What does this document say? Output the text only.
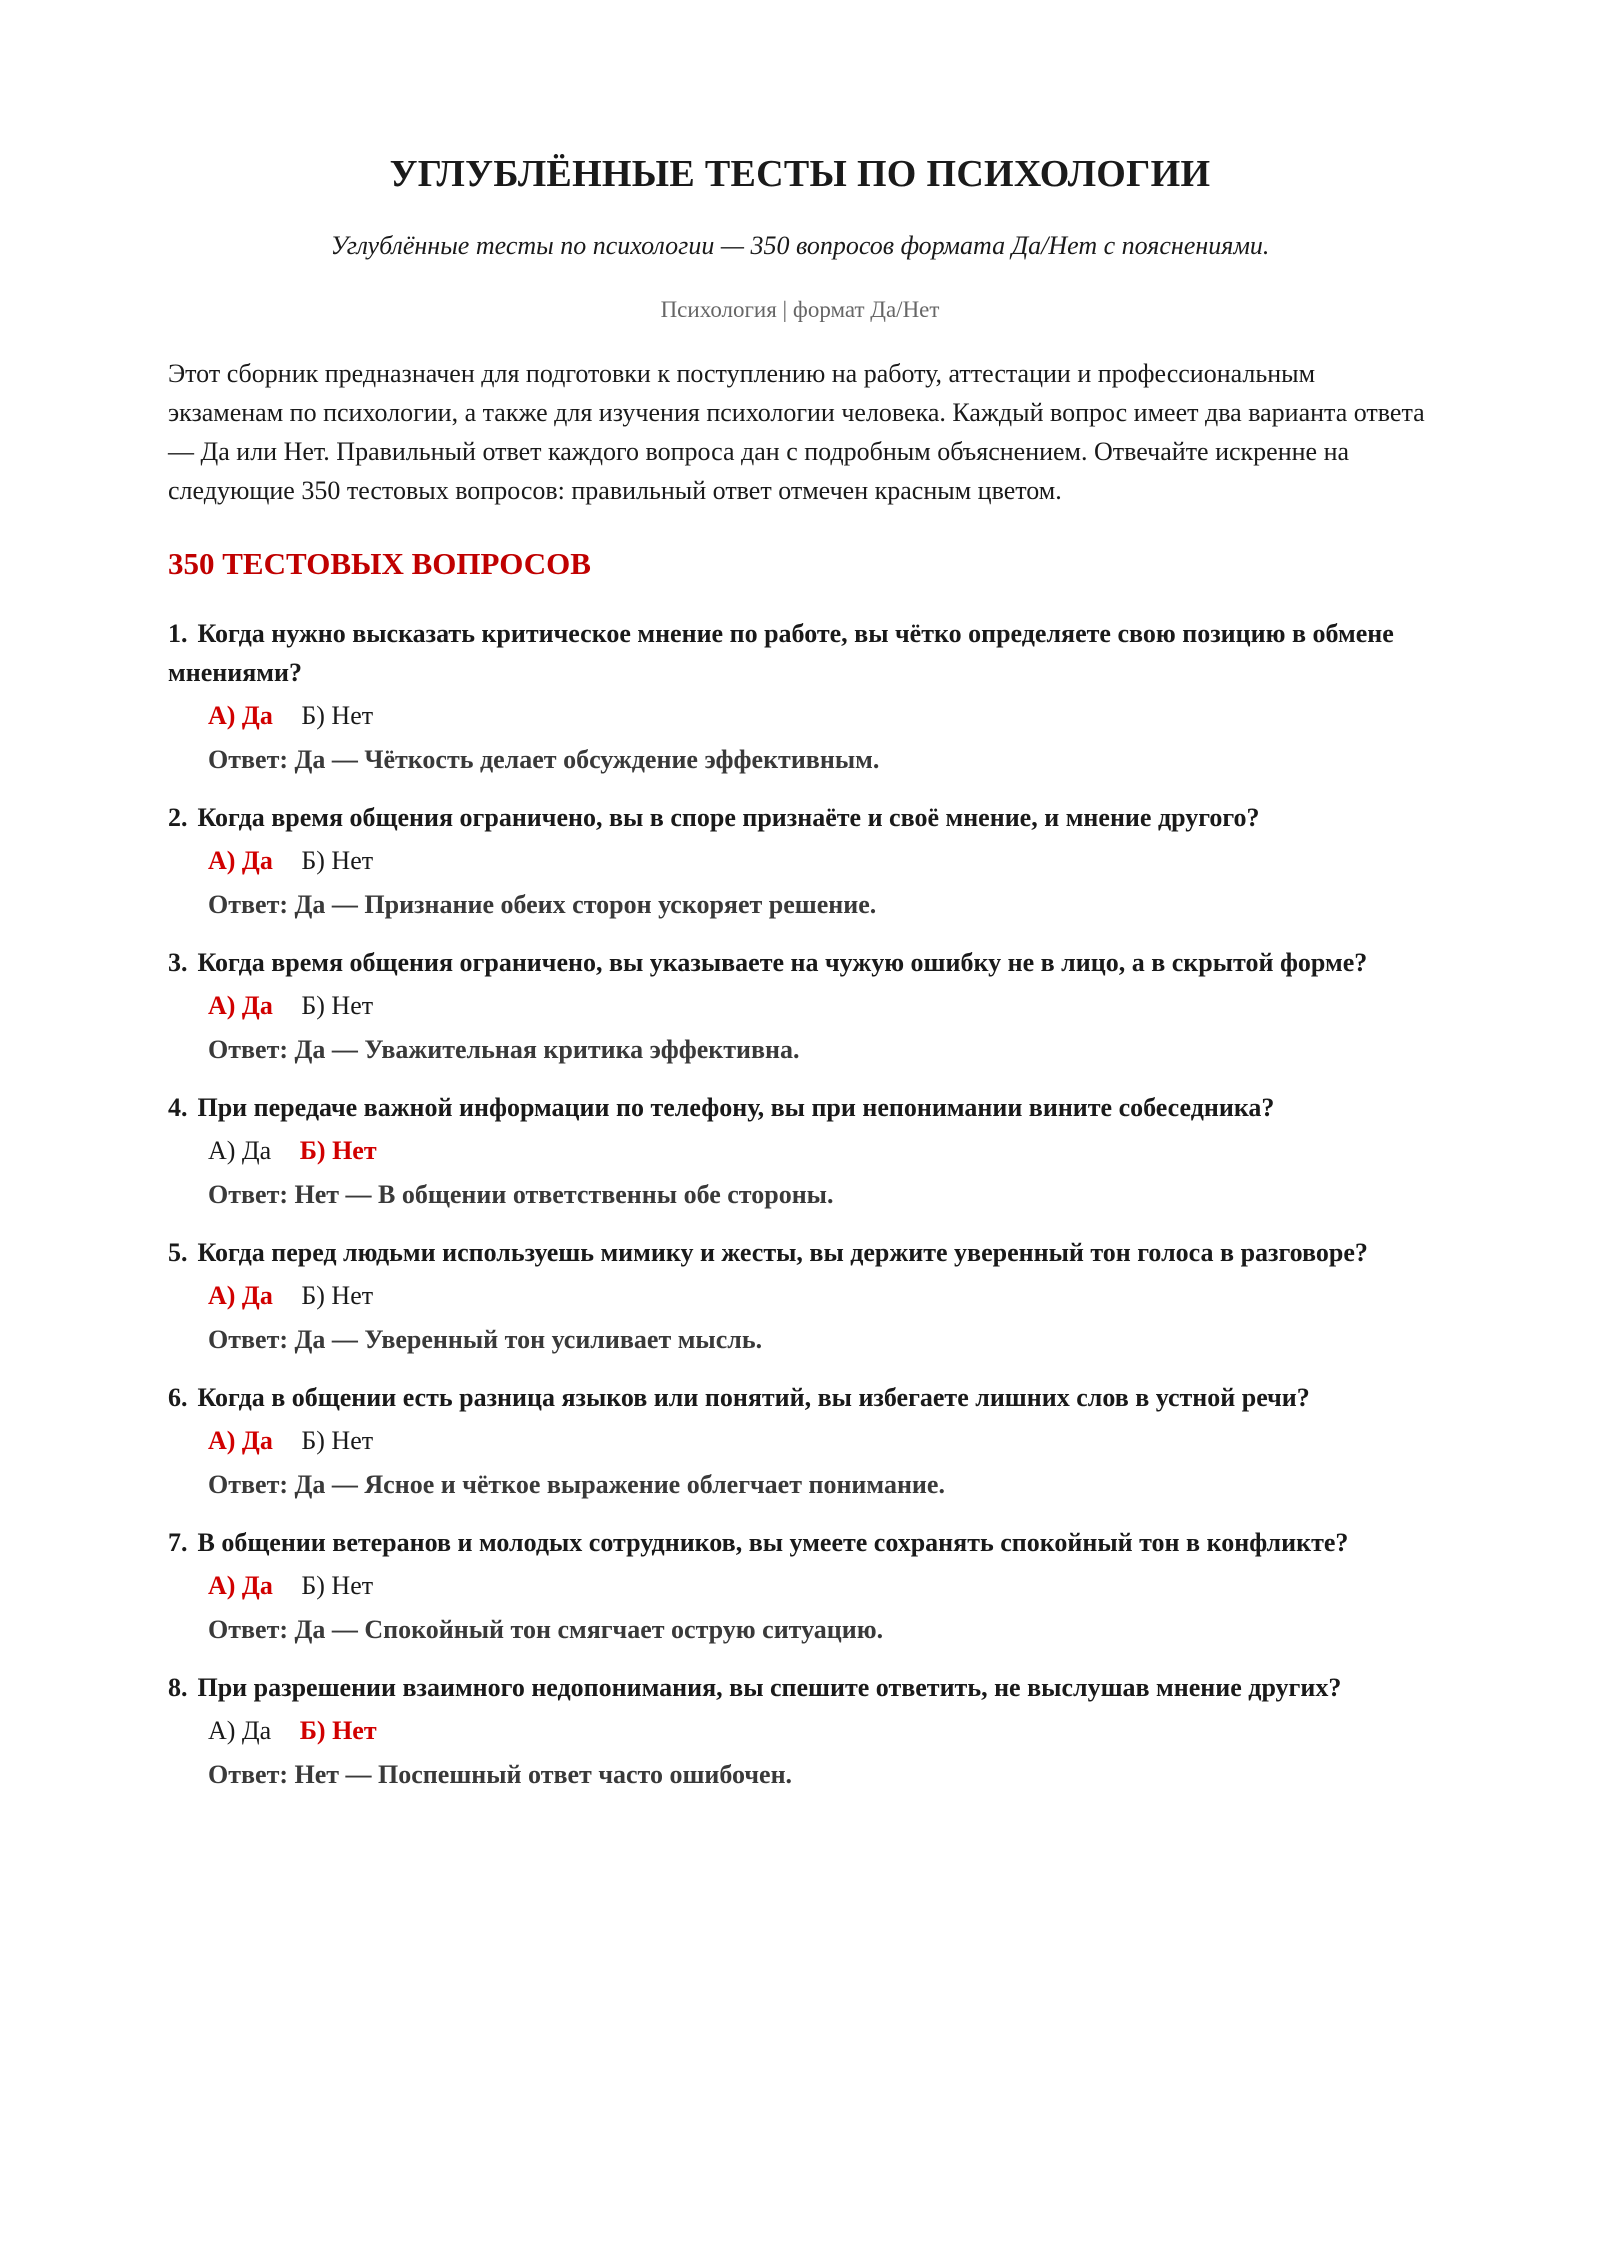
УГЛУБЛЁННЫЕ ТЕСТЫ ПО ПСИХОЛОГИИ

Углублённые тесты по психологии — 350 вопросов формата Да/Нет с пояснениями.

Психология | формат Да/Нет

Этот сборник предназначен для подготовки к поступлению на работу, аттестации и профессиональным экзаменам по психологии, а также для изучения психологии человека. Каждый вопрос имеет два варианта ответа — Да или Нет. Правильный ответ каждого вопроса дан с подробным объяснением. Отвечайте искренне на следующие 350 тестовых вопросов: правильный ответ отмечен красным цветом.

350 ТЕСТОВЫХ ВОПРОСОВ
1. Когда нужно высказать критическое мнение по работе, вы чётко определяете свою позицию в обмене мнениями?
А) Да Б) Нет
Ответ: Да — Чёткость делает обсуждение эффективным.
2. Когда время общения ограничено, вы в споре признаёте и своё мнение, и мнение другого?
А) Да Б) Нет
Ответ: Да — Признание обеих сторон ускоряет решение.
3. Когда время общения ограничено, вы указываете на чужую ошибку не в лицо, а в скрытой форме?
А) Да Б) Нет
Ответ: Да — Уважительная критика эффективна.
4. При передаче важной информации по телефону, вы при непонимании вините собеседника?
А) Да Б) Нет
Ответ: Нет — В общении ответственны обе стороны.
5. Когда перед людьми используешь мимику и жесты, вы держите уверенный тон голоса в разговоре?
А) Да Б) Нет
Ответ: Да — Уверенный тон усиливает мысль.
6. Когда в общении есть разница языков или понятий, вы избегаете лишних слов в устной речи?
А) Да Б) Нет
Ответ: Да — Ясное и чёткое выражение облегчает понимание.
7. В общении ветеранов и молодых сотрудников, вы умеете сохранять спокойный тон в конфликте?
А) Да Б) Нет
Ответ: Да — Спокойный тон смягчает острую ситуацию.
8. При разрешении взаимного недопонимания, вы спешите ответить, не выслушав мнение других?
А) Да Б) Нет
Ответ: Нет — Поспешный ответ часто ошибочен.
